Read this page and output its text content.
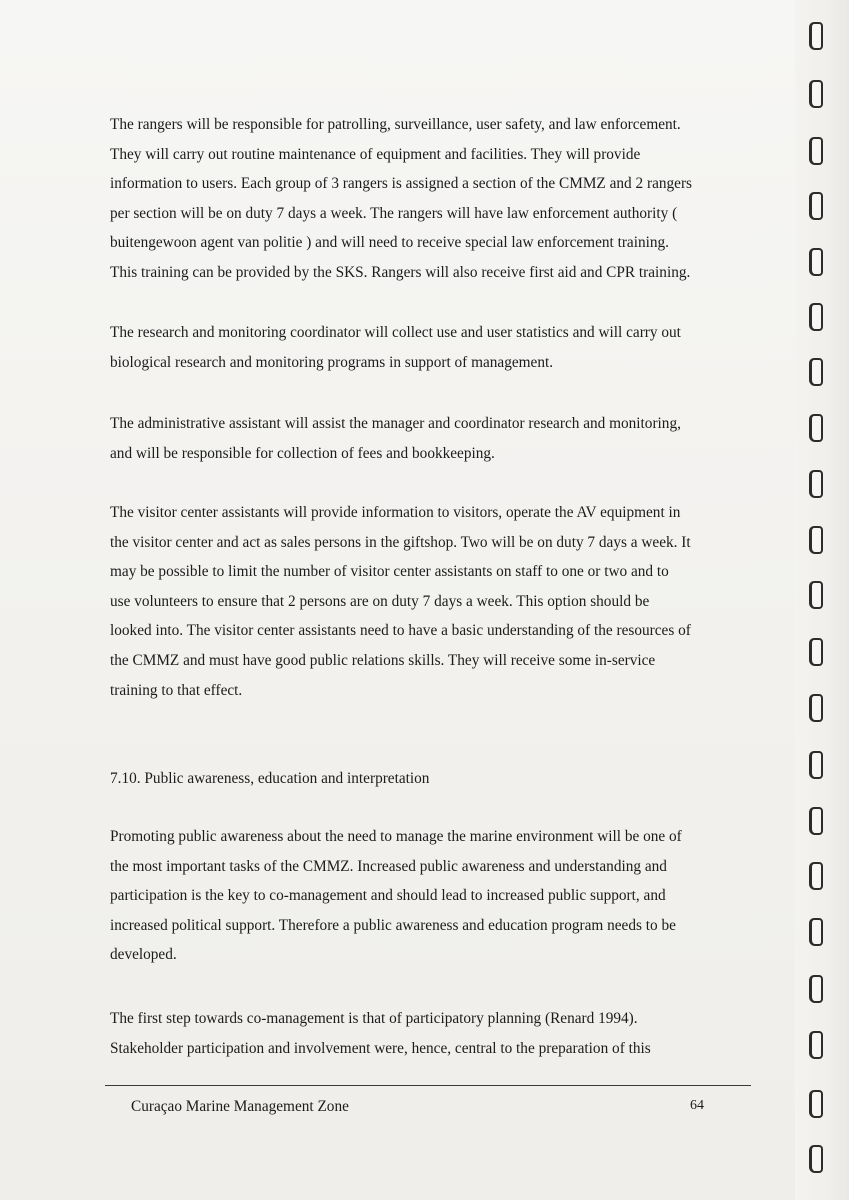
The rangers will be responsible for patrolling, surveillance, user safety, and law enforcement.
They will carry out routine maintenance of equipment and facilities. They will provide
information to users. Each group of 3 rangers is assigned a section of the CMMZ and 2 rangers
per section will be on duty 7 days a week. The rangers will have law enforcement authority (
buitengewoon agent van politie ) and will need to receive special law enforcement training.
This training can be provided by the SKS. Rangers will also receive first aid and CPR training.

The research and monitoring coordinator will collect use and user statistics and will carry out
biological research and monitoring programs in support of management.

The administrative assistant will assist the manager and coordinator research and monitoring,
and will be responsible for collection of fees and bookkeeping.

The visitor center assistants will provide information to visitors, operate the AV equipment in
the visitor center and act as sales persons in the giftshop. Two will be on duty 7 days a week. It
may be possible to limit the number of visitor center assistants on staff to one or two and to
use volunteers to ensure that 2 persons are on duty 7 days a week. This option should be
looked into. The visitor center assistants need to have a basic understanding of the resources of
the CMMZ and must have good public relations skills. They will receive some in-service
training to that effect.

7.10. Public awareness, education and interpretation

Promoting public awareness about the need to manage the marine environment will be one of
the most important tasks of the CMMZ. Increased public awareness and understanding and
participation is the key to co-management and should lead to increased public support, and
increased political support. Therefore a public awareness and education program needs to be
developed.

The first step towards co-management is that of participatory planning (Renard 1994).
Stakeholder participation and involvement were, hence, central to the preparation of this

Curaçao Marine Management Zone	64
